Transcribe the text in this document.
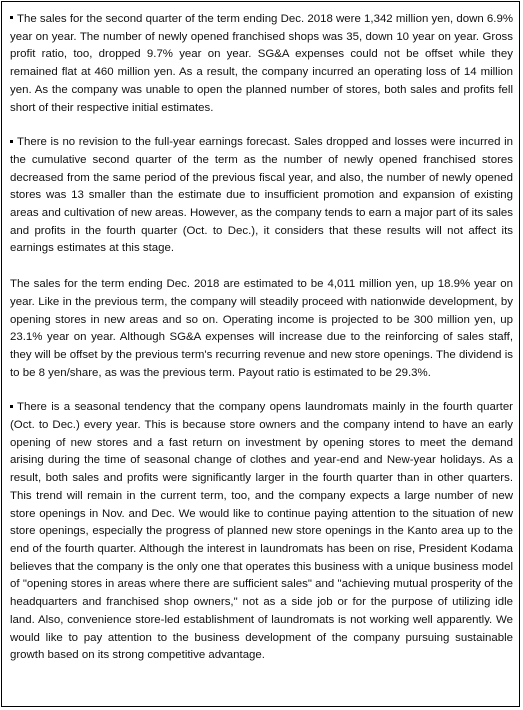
The sales for the second quarter of the term ending Dec. 2018 were 1,342 million yen, down 6.9% year on year. The number of newly opened franchised shops was 35, down 10 year on year. Gross profit ratio, too, dropped 9.7% year on year. SG&A expenses could not be offset while they remained flat at 460 million yen. As a result, the company incurred an operating loss of 14 million yen. As the company was unable to open the planned number of stores, both sales and profits fell short of their respective initial estimates.

There is no revision to the full-year earnings forecast. Sales dropped and losses were incurred in the cumulative second quarter of the term as the number of newly opened franchised stores decreased from the same period of the previous fiscal year, and also, the number of newly opened stores was 13 smaller than the estimate due to insufficient promotion and expansion of existing areas and cultivation of new areas. However, as the company tends to earn a major part of its sales and profits in the fourth quarter (Oct. to Dec.), it considers that these results will not affect its earnings estimates at this stage.

The sales for the term ending Dec. 2018 are estimated to be 4,011 million yen, up 18.9% year on year. Like in the previous term, the company will steadily proceed with nationwide development, by opening stores in new areas and so on. Operating income is projected to be 300 million yen, up 23.1% year on year. Although SG&A expenses will increase due to the reinforcing of sales staff, they will be offset by the previous term's recurring revenue and new store openings. The dividend is to be 8 yen/share, as was the previous term. Payout ratio is estimated to be 29.3%.

There is a seasonal tendency that the company opens laundromats mainly in the fourth quarter (Oct. to Dec.) every year. This is because store owners and the company intend to have an early opening of new stores and a fast return on investment by opening stores to meet the demand arising during the time of seasonal change of clothes and year-end and New-year holidays. As a result, both sales and profits were significantly larger in the fourth quarter than in other quarters. This trend will remain in the current term, too, and the company expects a large number of new store openings in Nov. and Dec. We would like to continue paying attention to the situation of new store openings, especially the progress of planned new store openings in the Kanto area up to the end of the fourth quarter. Although the interest in laundromats has been on rise, President Kodama believes that the company is the only one that operates this business with a unique business model of "opening stores in areas where there are sufficient sales" and "achieving mutual prosperity of the headquarters and franchised shop owners," not as a side job or for the purpose of utilizing idle land. Also, convenience store-led establishment of laundromats is not working well apparently. We would like to pay attention to the business development of the company pursuing sustainable growth based on its strong competitive advantage.
